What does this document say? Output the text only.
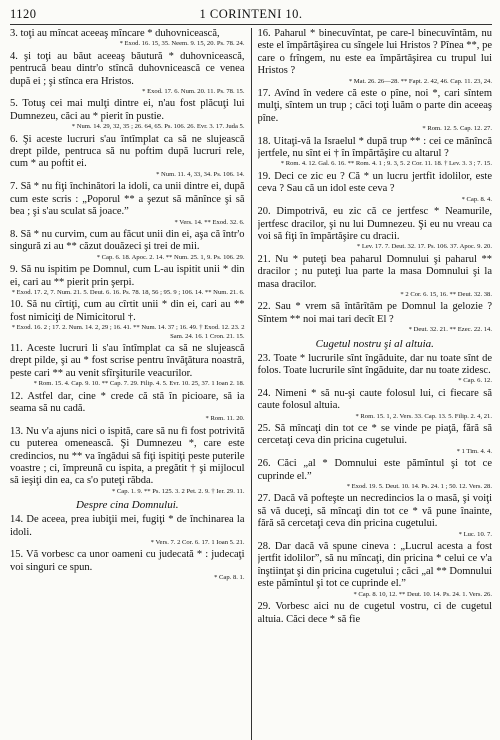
1120	1 CORINTENI 10.

3. toţi au mîncat aceeaş mîncare * duhovnicească,

* Exod. 16. 15, 35. Neem. 9. 15, 20. Ps. 78. 24.

4. şi toţi au băut aceeaş băutură * duhovnicească, pentrucă beau dintr'o stîncă duhovnicească ce venea după ei ; şi stînca era Hristos.

* Exod. 17. 6. Num. 20. 11. Ps. 78. 15.

5. Totuş cei mai mulţi dintre ei, n'au fost plăcuţi lui Dumnezeu, căci au * pierit în pustie.

* Num. 14. 29, 32, 35 ; 26. 64, 65. Ps. 106. 26. Evr. 3. 17. Juda 5.

6. Şi aceste lucruri s'au întîmplat ca să ne slujească drept pilde, pentruca să nu poftim după lucruri rele, cum * au poftit ei.

* Num. 11. 4, 33, 34. Ps. 106. 14.

7. Să * nu fiţi închinători la idoli, ca unii dintre ei, după cum este scris : „Poporul ** a şezut să mănînce şi să bea ; şi s'au sculat să joace.”

* Vers. 14. ** Exod. 32. 6.

8. Să * nu curvim, cum au făcut unii din ei, aşa că într'o singură zi au ** căzut douăzeci şi trei de mii.

* Cap. 6. 18. Apoc. 2. 14. ** Num. 25. 1, 9. Ps. 106. 29.

9. Să nu ispitim pe Domnul, cum L-au ispitit unii * din ei, cari au ** pierit prin şerpi.

* Exod. 17. 2, 7. Num. 21. 5. Deut. 6. 16. Ps. 78. 18, 56 ; 95. 9 ; 106. 14. ** Num. 21. 6.

10. Să nu cîrtiţi, cum au cîrtit unii * din ei, cari au ** fost nimiciţi de Nimicitorul †.

* Exod. 16. 2 ; 17. 2. Num. 14. 2, 29 ; 16. 41. ** Num. 14. 37 ; 16. 49. † Exod. 12. 23. 2 Sam. 24. 16. 1 Cron. 21. 15.

11. Aceste lucruri li s'au întîmplat ca să ne slujească drept pilde, şi au * fost scrise pentru învăţătura noastră, peste cari ** au venit sfîrşiturile veacurilor.

* Rom. 15. 4. Cap. 9. 10. ** Cap. 7. 29. Filip. 4. 5. Evr. 10. 25, 37. 1 Ioan 2. 18.

12. Astfel dar, cine * crede că stă în picioare, să ia seama să nu cadă.

* Rom. 11. 20.

13. Nu v'a ajuns nici o ispită, care să nu fi fost potrivită cu puterea omenească. Şi Dumnezeu *, care este credincios, nu ** va îngădui să fiţi ispitiţi peste puterile voastre ; ci, împreună cu ispita, a pregătit † şi mijlocul să ieşiţi din ea, ca s'o puteţi răbda.

* Cap. 1. 9. ** Ps. 125. 3. 2 Pet. 2. 9. † Ier. 29. 11.

Despre cina Domnului.

14. De aceea, prea iubiţii mei, fugiţi * de închinarea la idoli.

* Vers. 7. 2 Cor. 6. 17. 1 Ioan 5. 21.

15. Vă vorbesc ca unor oameni cu judecată * : judecaţi voi singuri ce spun.

* Cap. 8. 1.

16. Paharul * binecuvîntat, pe care-l binecuvîntăm, nu este el împărtăşirea cu sîngele lui Hristos ? Pînea **, pe care o frîngem, nu este ea împărtăşirea cu trupul lui Hristos ?

* Mat. 26. 26—28. ** Fapt. 2. 42, 46. Cap. 11. 23, 24.

17. Avînd în vedere că este o pîne, noi *, cari sîntem mulţi, sîntem un trup ; căci toţi luăm o parte din aceeaş pîne.

* Rom. 12. 5. Cap. 12. 27.

18. Uitaţi-vă la Israelul * după trup ** : cei ce mănîncă jertfele, nu sînt ei † în împărtăşire cu altarul ?

* Rom. 4. 12. Gal. 6. 16. ** Rom. 4. 1 ; 9. 3, 5. 2 Cor. 11. 18. † Lev. 3. 3 ; 7. 15.

19. Deci ce zic eu ? Că * un lucru jertfit idolilor, este ceva ? Sau că un idol este ceva ?

* Cap. 8. 4.

20. Dimpotrivă, eu zic că ce jertfesc * Neamurile, jertfesc dracilor, şi nu lui Dumnezeu. Şi eu nu vreau ca voi să fiţi în împărtăşire cu dracii.

* Lev. 17. 7. Deut. 32. 17. Ps. 106. 37. Apoc. 9. 20.

21. Nu * puteţi bea paharul Domnului şi paharul ** dracilor ; nu puteţi lua parte la masa Domnului şi la masa dracilor.

* 2 Cor. 6. 15, 16. ** Deut. 32. 38.

22. Sau * vrem să întărîtăm pe Domnul la gelozie ? Sîntem ** noi mai tari decît El ?

* Deut. 32. 21. ** Ezec. 22. 14.

Cugetul nostru şi al altuia.

23. Toate * lucrurile sînt îngăduite, dar nu toate sînt de folos. Toate lucrurile sînt îngăduite, dar nu toate zidesc.

* Cap. 6. 12.

24. Nimeni * să nu-şi caute folosul lui, ci fiecare să caute folosul altuia.

* Rom. 15. 1, 2. Vers. 33. Cap. 13. 5. Filip. 2. 4, 21.

25. Să mîncaţi din tot ce * se vinde pe piaţă, fără să cercetaţi ceva din pricina cugetului.

* 1 Tim. 4. 4.

26. Căci „al * Domnului este pămîntul şi tot ce cuprinde el.”

* Exod. 19. 5. Deut. 10. 14. Ps. 24. 1 ; 50. 12. Vers. 28.

27. Dacă vă pofteşte un necredincios la o masă, şi voiţi să vă duceţi, să mîncaţi din tot ce * vă pune înainte, fără să cercetaţi ceva din pricina cugetului.

* Luc. 10. 7.

28. Dar dacă vă spune cineva : „Lucrul acesta a fost jertfit idolilor”, să nu mîncaţi, din pricina * celui ce v'a înştiinţat şi din pricina cugetului ; căci „al ** Domnului este pămîntul şi tot ce cuprinde el.”

* Cap. 8. 10, 12. ** Deut. 10. 14. Ps. 24. 1. Vers. 26.

29. Vorbesc aici nu de cugetul vostru, ci de cugetul altuia. Căci dece * să fie
